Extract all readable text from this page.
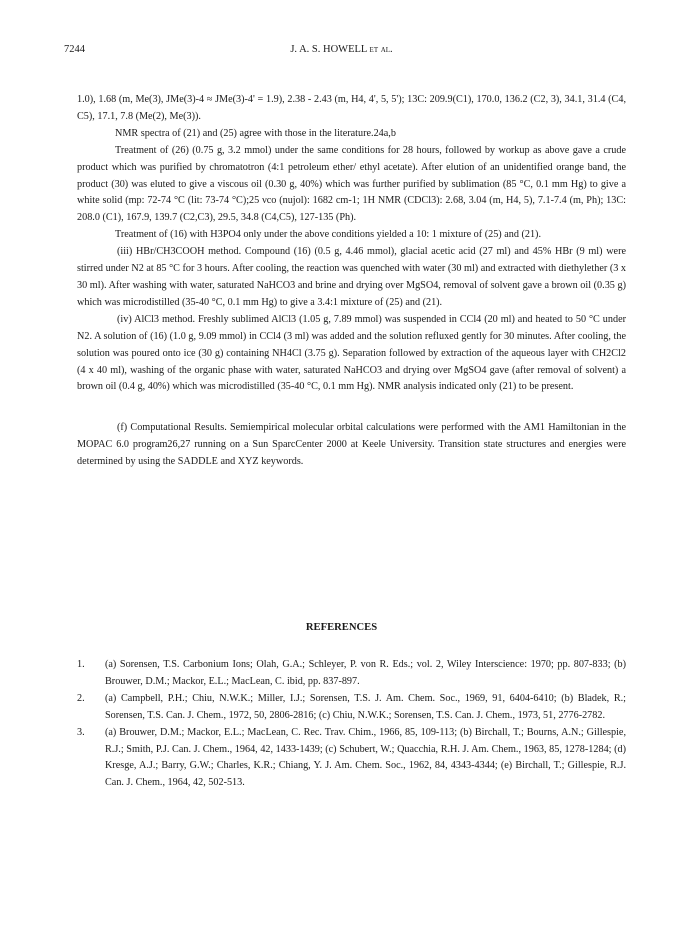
7244	J. A. S. HOWELL et al.

1.0), 1.68 (m, Me(3), JMe(3)-4 ≈ JMe(3)-4' = 1.9), 2.38 - 2.43 (m, H4, 4', 5, 5'); 13C: 209.9(C1), 170.0, 136.2 (C2, 3), 34.1, 31.4 (C4, C5), 17.1, 7.8 (Me(2), Me(3)).

NMR spectra of (21) and (25) agree with those in the literature.24a,b

Treatment of (26) (0.75 g, 3.2 mmol) under the same conditions for 28 hours, followed by workup as above gave a crude product which was purified by chromatotron (4:1 petroleum ether/ ethyl acetate). After elution of an unidentified orange band, the product (30) was eluted to give a viscous oil (0.30 g, 40%) which was further purified by sublimation (85 °C, 0.1 mm Hg) to give a white solid (mp: 72-74 °C (lit: 73-74 °C);25 νco (nujol): 1682 cm-1; 1H NMR (CDCl3): 2.68, 3.04 (m, H4, 5), 7.1-7.4 (m, Ph); 13C: 208.0 (C1), 167.9, 139.7 (C2,C3), 29.5, 34.8 (C4,C5), 127-135 (Ph).

Treatment of (16) with H3PO4 only under the above conditions yielded a 10: 1 mixture of (25) and (21).

(iii) HBr/CH3COOH method. Compound (16) (0.5 g, 4.46 mmol), glacial acetic acid (27 ml) and 45% HBr (9 ml) were stirred under N2 at 85 °C for 3 hours. After cooling, the reaction was quenched with water (30 ml) and extracted with diethylether (3 x 30 ml). After washing with water, saturated NaHCO3 and brine and drying over MgSO4, removal of solvent gave a brown oil (0.35 g) which was microdistilled (35-40 °C, 0.1 mm Hg) to give a 3.4:1 mixture of (25) and (21).

(iv) AlCl3 method. Freshly sublimed AlCl3 (1.05 g, 7.89 mmol) was suspended in CCl4 (20 ml) and heated to 50 °C under N2. A solution of (16) (1.0 g, 9.09 mmol) in CCl4 (3 ml) was added and the solution refluxed gently for 30 minutes. After cooling, the solution was poured onto ice (30 g) containing NH4Cl (3.75 g). Separation followed by extraction of the aqueous layer with CH2Cl2 (4 x 40 ml), washing of the organic phase with water, saturated NaHCO3 and drying over MgSO4 gave (after removal of solvent) a brown oil (0.4 g, 40%) which was microdistilled (35-40 °C, 0.1 mm Hg). NMR analysis indicated only (21) to be present.

(f) Computational Results. Semiempirical molecular orbital calculations were performed with the AM1 Hamiltonian in the MOPAC 6.0 program26,27 running on a Sun SparcCenter 2000 at Keele University. Transition state structures and energies were determined by using the SADDLE and XYZ keywords.

REFERENCES
1.	(a) Sorensen, T.S. Carbonium Ions; Olah, G.A.; Schleyer, P. von R. Eds.; vol. 2, Wiley Interscience: 1970; pp. 807-833; (b) Brouwer, D.M.; Mackor, E.L.; MacLean, C. ibid, pp. 837-897.
2.	(a) Campbell, P.H.; Chiu, N.W.K.; Miller, I.J.; Sorensen, T.S. J. Am. Chem. Soc., 1969, 91, 6404-6410; (b) Bladek, R.; Sorensen, T.S. Can. J. Chem., 1972, 50, 2806-2816; (c) Chiu, N.W.K.; Sorensen, T.S. Can. J. Chem., 1973, 51, 2776-2782.
3.	(a) Brouwer, D.M.; Mackor, E.L.; MacLean, C. Rec. Trav. Chim., 1966, 85, 109-113; (b) Birchall, T.; Bourns, A.N.; Gillespie, R.J.; Smith, P.J. Can. J. Chem., 1964, 42, 1433-1439; (c) Schubert, W.; Quacchia, R.H. J. Am. Chem., 1963, 85, 1278-1284; (d) Kresge, A.J.; Barry, G.W.; Charles, K.R.; Chiang, Y. J. Am. Chem. Soc., 1962, 84, 4343-4344; (e) Birchall, T.; Gillespie, R.J. Can. J. Chem., 1964, 42, 502-513.
